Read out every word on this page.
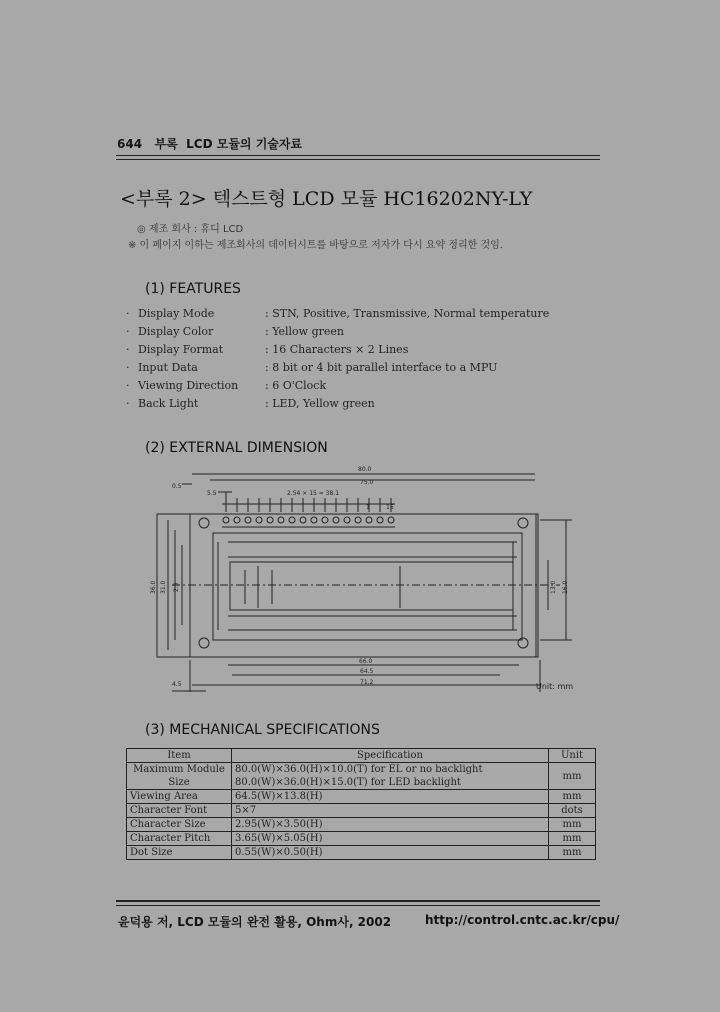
644 부록  LCD 모듈의 기술자료
<부록 2> 텍스트형 LCD 모듈 HC16202NY-LY
◎ 제조 회사 : 휴디 LCD
※ 이 페이지 이하는 제조회사의 데이터시트를 바탕으로 저자가 다시 요약 정리한 것임.
(1) FEATURES
· Display Mode	: STN, Positive, Transmissive, Normal temperature
· Display Color	: Yellow green
· Display Format	: 16 Characters × 2 Lines
· Input Data	: 8 bit or 4 bit parallel interface to a MPU
· Viewing Direction : 6 O'Clock
· Back Light	: LED, Yellow green
(2) EXTERNAL DIMENSION
80.0
75.0
2.54 × 15 = 38.1
0.5
5.5
1	16
36.0 31.0 2.5	13.0 16.0
66.0
64.5
71.2
4.5	Unit: mm
(3) MECHANICAL SPECIFICATIONS
Item	Specification	Unit
Maximum Module Size	80.0(W)×36.0(H)×10.0(T) for EL or no backlight
80.0(W)×36.0(H)×15.0(T) for LED backlight	mm
Viewing Area	64.5(W)×13.8(H)	mm
Character Font	5×7	dots
Character Size	2.95(W)×3.50(H)	mm
Character Pitch	3.65(W)×5.05(H)	mm
Dot Size	0.55(W)×0.50(H)	mm
윤덕용 저, LCD 모듈의 완전 활용, Ohm사, 2002	http://control.cntc.ac.kr/cpu/
